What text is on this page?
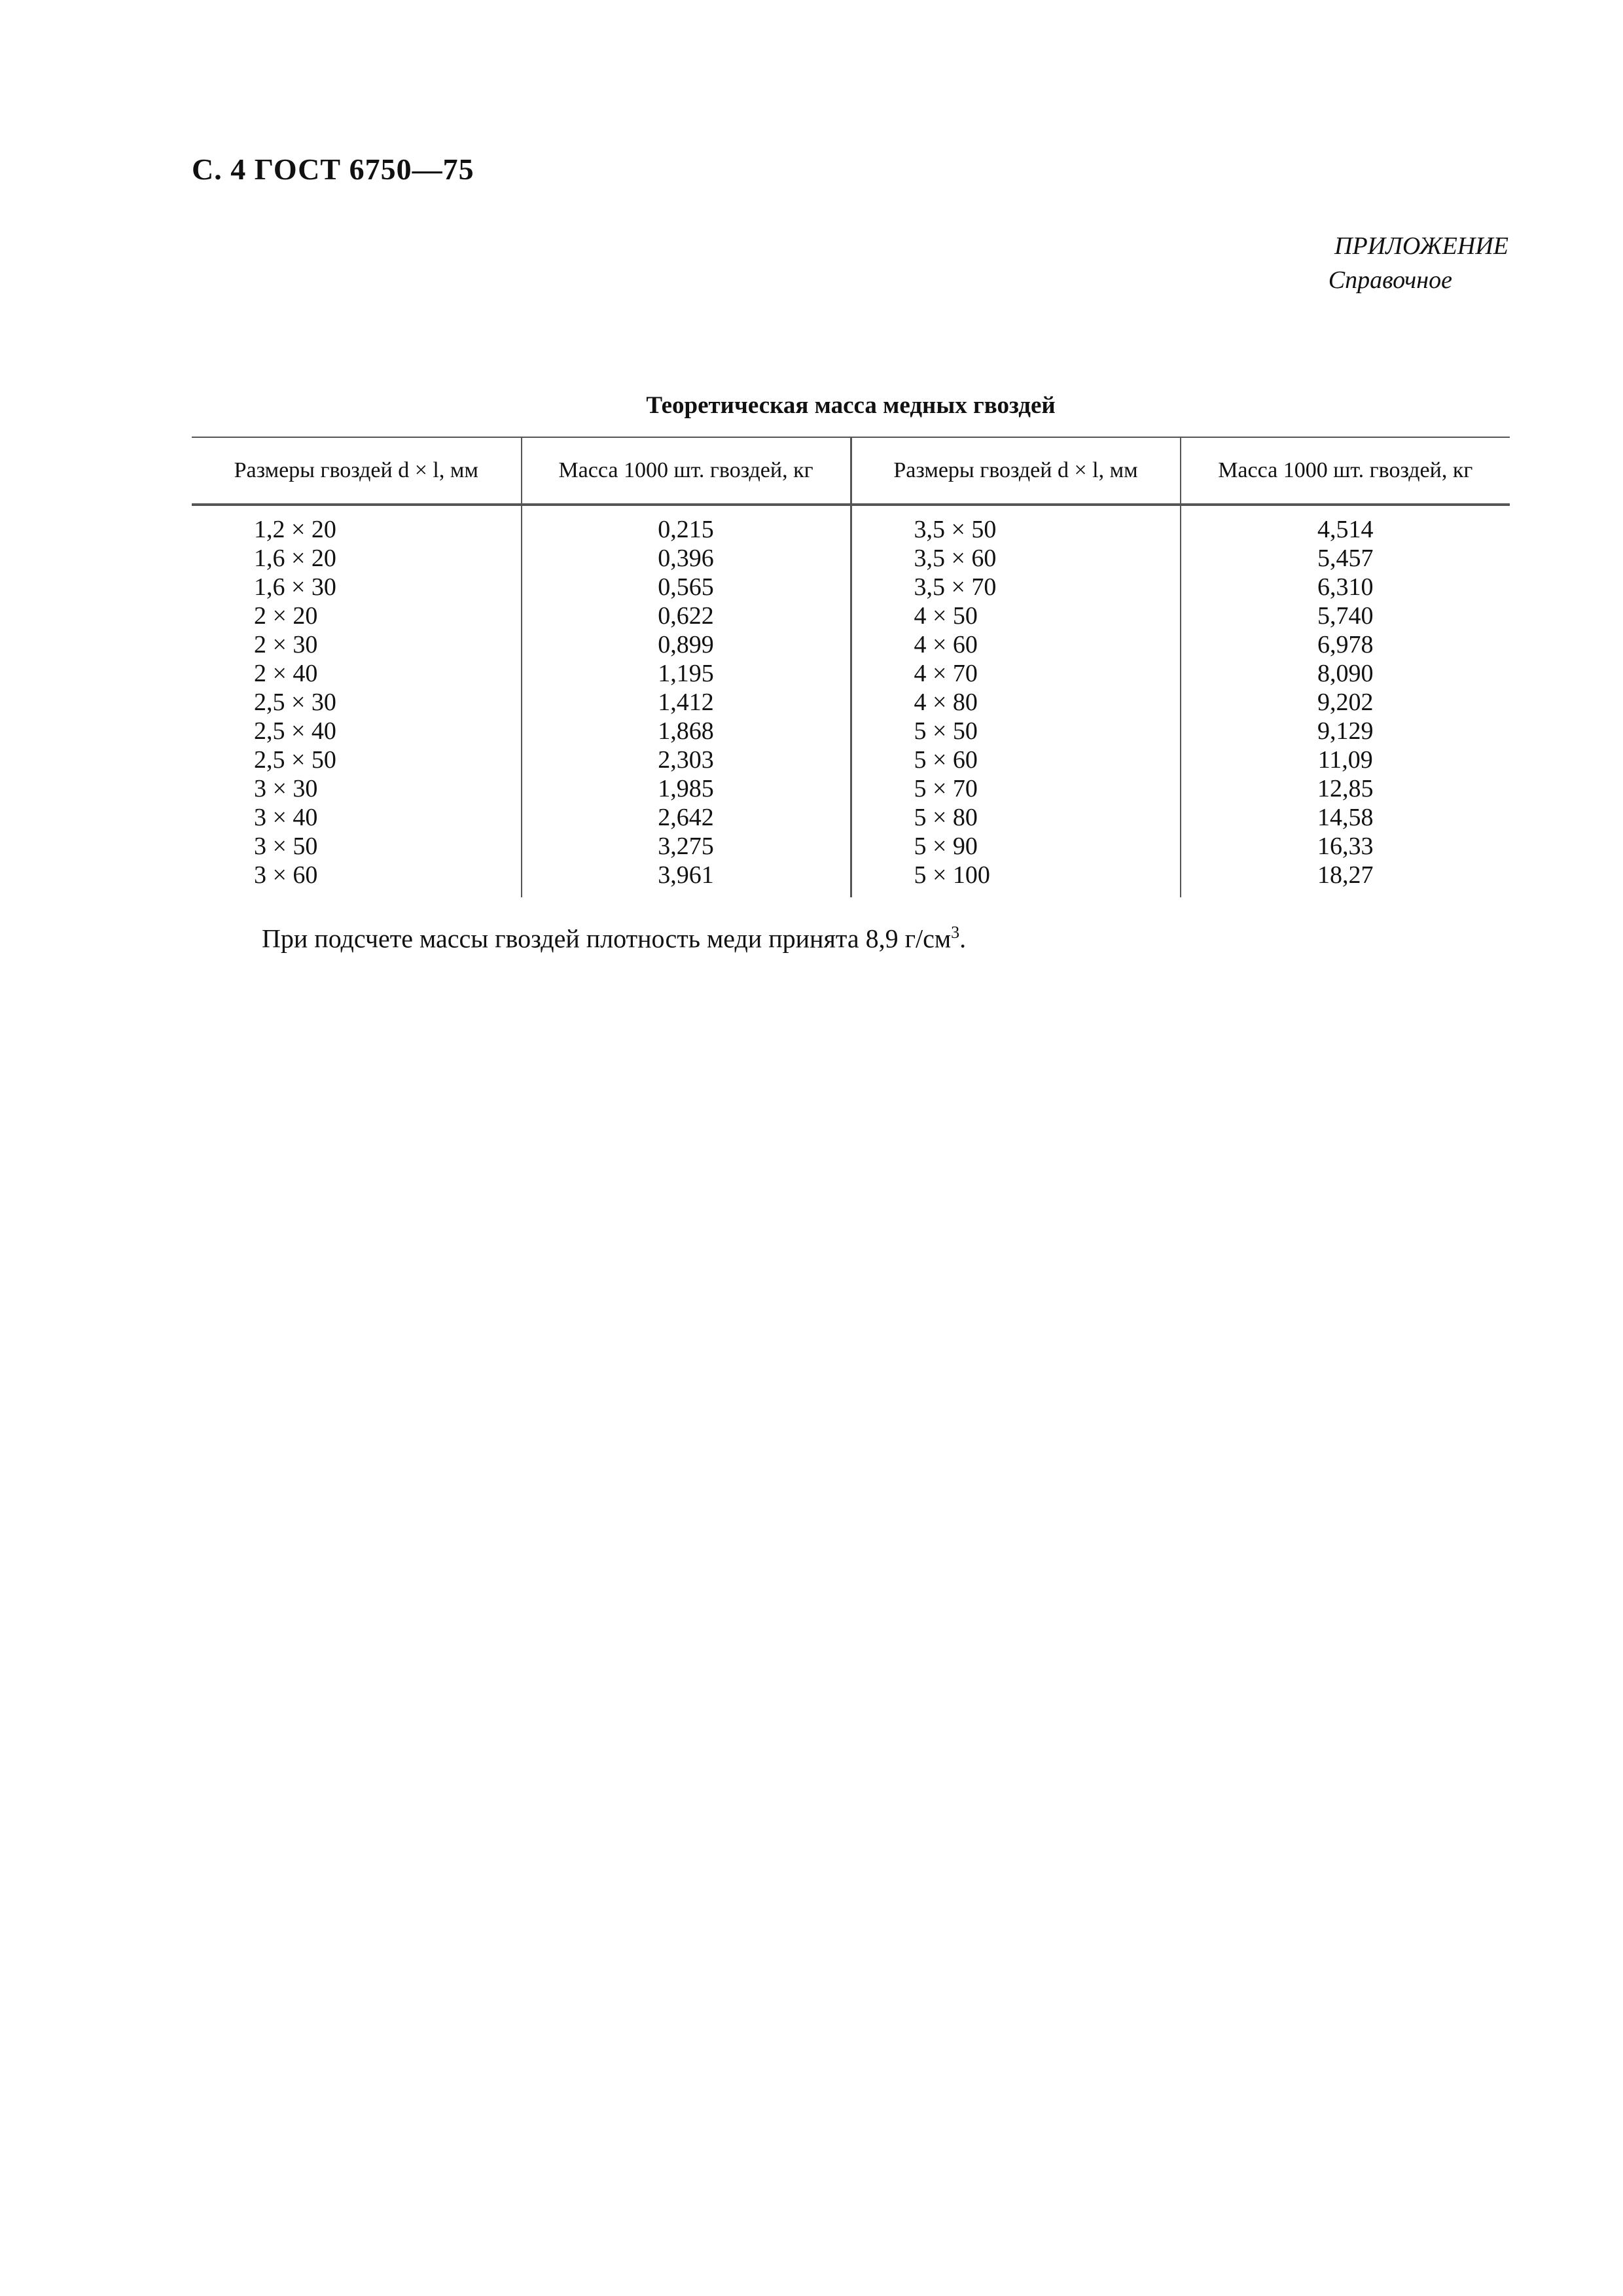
С. 4 ГОСТ 6750—75
ПРИЛОЖЕНИЕ
Справочное
Теоретическая масса медных гвоздей
Размеры гвоздей d × l, мм	Масса 1000 шт. гвоздей, кг	Размеры гвоздей d × l, мм	Масса 1000 шт. гвоздей, кг
1,2 × 20	0,215	3,5 × 50	4,514
1,6 × 20	0,396	3,5 × 60	5,457
1,6 × 30	0,565	3,5 × 70	6,310
2 × 20	0,622	4 × 50	5,740
2 × 30	0,899	4 × 60	6,978
2 × 40	1,195	4 × 70	8,090
2,5 × 30	1,412	4 × 80	9,202
2,5 × 40	1,868	5 × 50	9,129
2,5 × 50	2,303	5 × 60	11,09
3 × 30	1,985	5 × 70	12,85
3 × 40	2,642	5 × 80	14,58
3 × 50	3,275	5 × 90	16,33
3 × 60	3,961	5 × 100	18,27
При подсчете массы гвоздей плотность меди принята 8,9 $г/см^3$.
